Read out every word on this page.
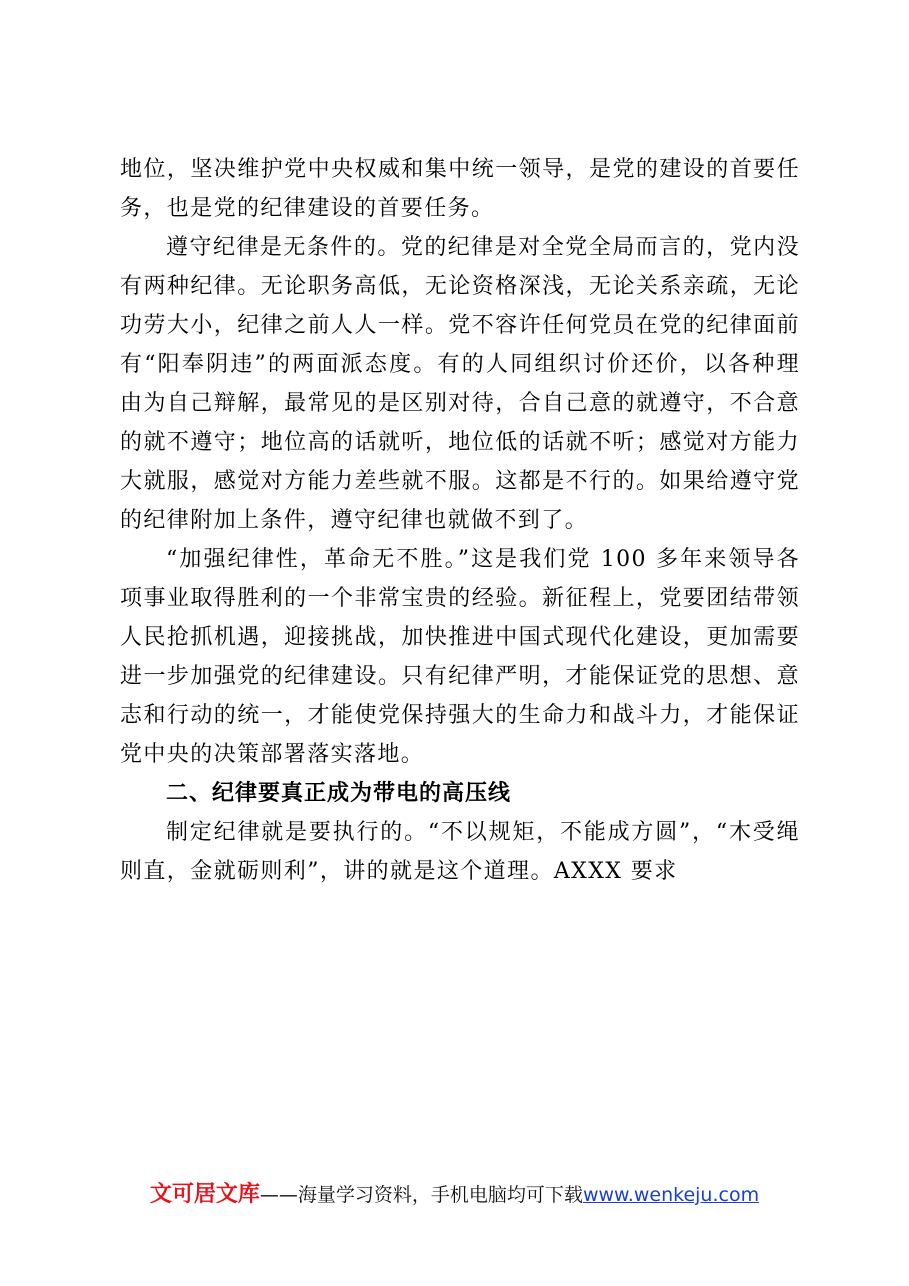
地位，坚决维护党中央权威和集中统一领导，是党的建设的首要任务，也是党的纪律建设的首要任务。

遵守纪律是无条件的。党的纪律是对全党全局而言的，党内没有两种纪律。无论职务高低，无论资格深浅，无论关系亲疏，无论功劳大小，纪律之前人人一样。党不容许任何党员在党的纪律面前有“阳奉阴违”的两面派态度。有的人同组织讨价还价，以各种理由为自己辩解，最常见的是区别对待，合自己意的就遵守，不合意的就不遵守；地位高的话就听，地位低的话就不听；感觉对方能力大就服，感觉对方能力差些就不服。这都是不行的。如果给遵守党的纪律附加上条件，遵守纪律也就做不到了。

“加强纪律性，革命无不胜。”这是我们党 100 多年来领导各项事业取得胜利的一个非常宝贵的经验。新征程上，党要团结带领人民抢抓机遇，迎接挑战，加快推进中国式现代化建设，更加需要进一步加强党的纪律建设。只有纪律严明，才能保证党的思想、意志和行动的统一，才能使党保持强大的生命力和战斗力，才能保证党中央的决策部署落实落地。

二、纪律要真正成为带电的高压线

制定纪律就是要执行的。“不以规矩，不能成方圆”，“木受绳则直，金就砺则利”，讲的就是这个道理。AXXX 要求

文可居文库——海量学习资料，手机电脑均可下载www.wenkeju.com
